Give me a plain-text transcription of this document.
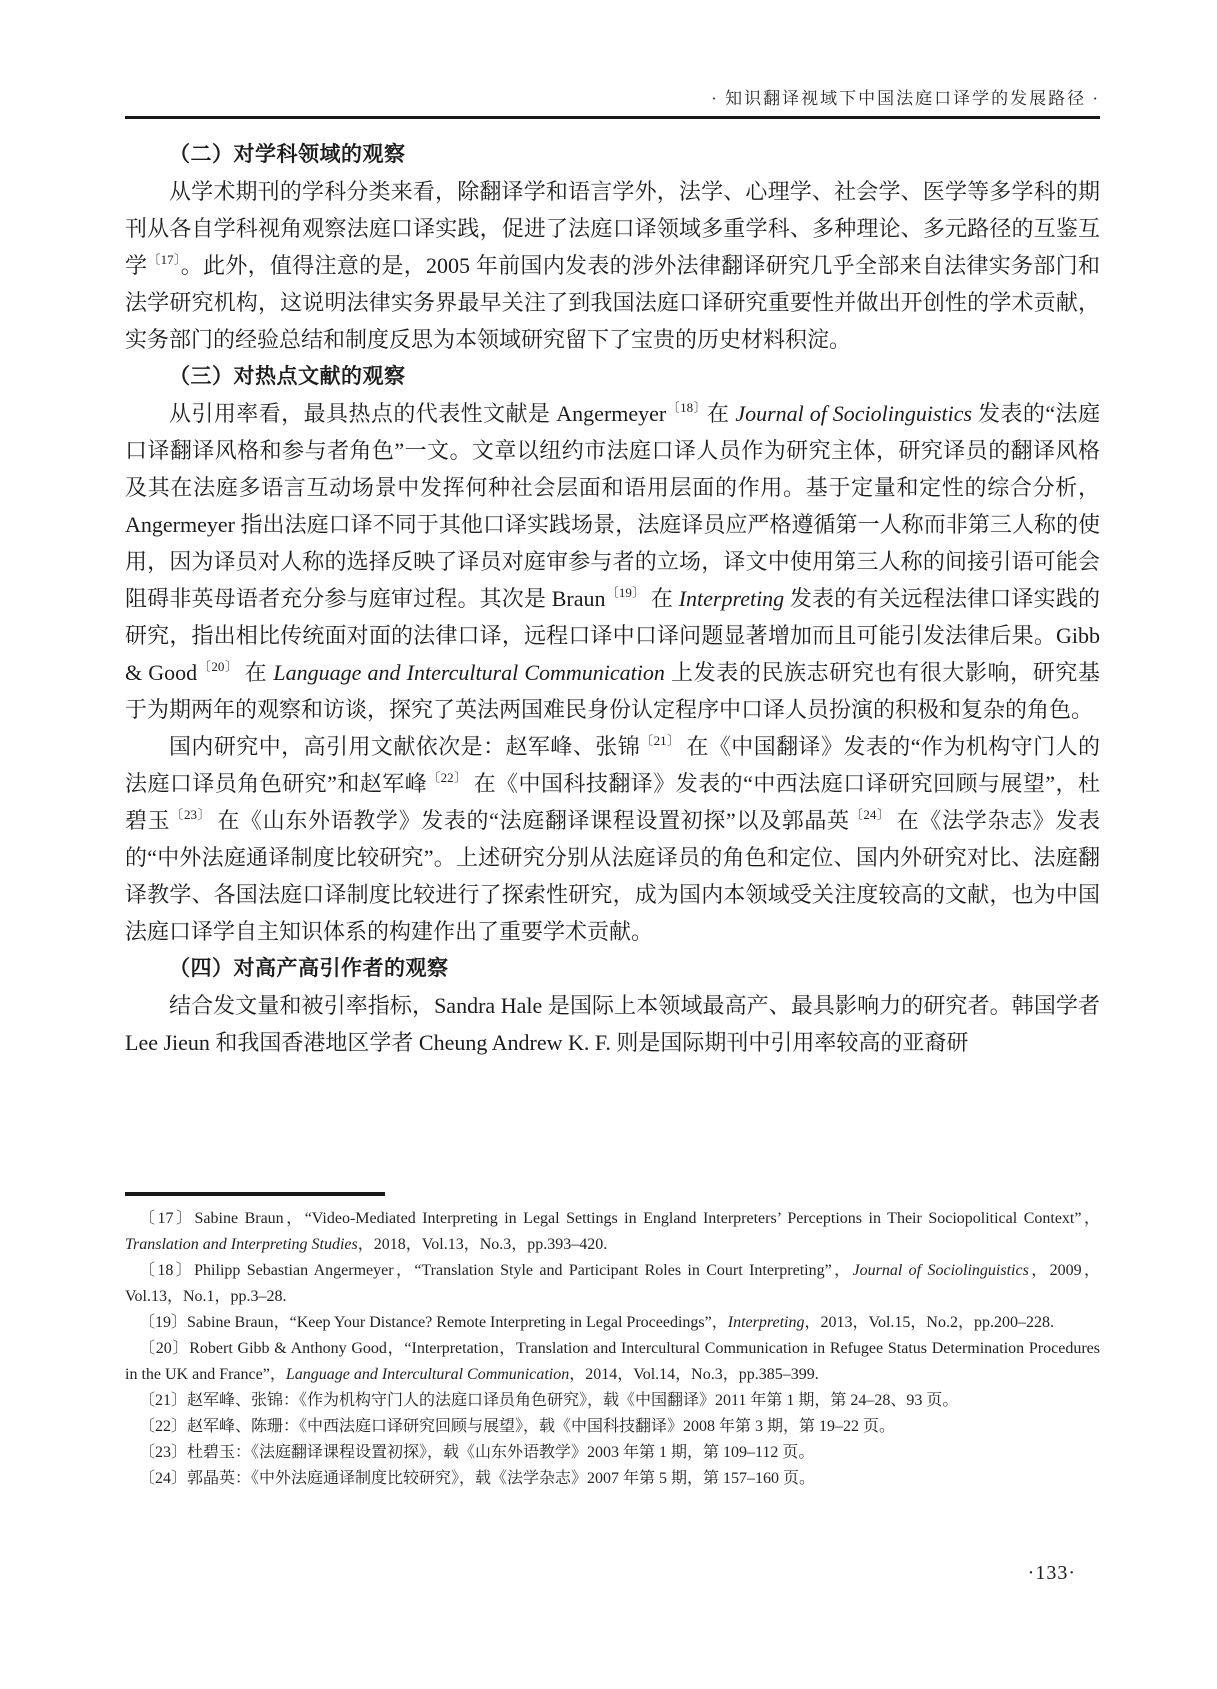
· 知识翻译视域下中国法庭口译学的发展路径 ·

（二）对学科领域的观察

从学术期刊的学科分类来看，除翻译学和语言学外，法学、心理学、社会学、医学等多学科的期刊从各自学科视角观察法庭口译实践，促进了法庭口译领域多重学科、多种理论、多元路径的互鉴互学$^{〔17〕}$。此外，值得注意的是，2005 年前国内发表的涉外法律翻译研究几乎全部来自法律实务部门和法学研究机构，这说明法律实务界最早关注了到我国法庭口译研究重要性并做出开创性的学术贡献，实务部门的经验总结和制度反思为本领域研究留下了宝贵的历史材料积淀。

（三）对热点文献的观察

从引用率看，最具热点的代表性文献是 Angermeyer$^{〔18〕}$在 Journal of Sociolinguistics 发表的“法庭口译翻译风格和参与者角色”一文。文章以纽约市法庭口译人员作为研究主体，研究译员的翻译风格及其在法庭多语言互动场景中发挥何种社会层面和语用层面的作用。基于定量和定性的综合分析，Angermeyer 指出法庭口译不同于其他口译实践场景，法庭译员应严格遵循第一人称而非第三人称的使用，因为译员对人称的选择反映了译员对庭审参与者的立场，译文中使用第三人称的间接引语可能会阻碍非英母语者充分参与庭审过程。其次是 Braun$^{〔19〕}$ 在 Interpreting 发表的有关远程法律口译实践的研究，指出相比传统面对面的法律口译，远程口译中口译问题显著增加而且可能引发法律后果。Gibb & Good$^{〔20〕}$ 在 Language and Intercultural Communication 上发表的民族志研究也有很大影响，研究基于为期两年的观察和访谈，探究了英法两国难民身份认定程序中口译人员扮演的积极和复杂的角色。

国内研究中，高引用文献依次是：赵军峰、张锦$^{〔21〕}$ 在《中国翻译》发表的“作为机构守门人的法庭口译员角色研究”和赵军峰$^{〔22〕}$ 在《中国科技翻译》发表的“中西法庭口译研究回顾与展望”，杜碧玉$^{〔23〕}$ 在《山东外语教学》发表的“法庭翻译课程设置初探”以及郭晶英$^{〔24〕}$ 在《法学杂志》发表的“中外法庭通译制度比较研究”。上述研究分别从法庭译员的角色和定位、国内外研究对比、法庭翻译教学、各国法庭口译制度比较进行了探索性研究，成为国内本领域受关注度较高的文献，也为中国法庭口译学自主知识体系的构建作出了重要学术贡献。

（四）对高产高引作者的观察

结合发文量和被引率指标，Sandra Hale 是国际上本领域最高产、最具影响力的研究者。韩国学者 Lee Jieun 和我国香港地区学者 Cheung Andrew K. F. 则是国际期刊中引用率较高的亚裔研

〔17〕Sabine Braun，“Video-Mediated Interpreting in Legal Settings in England Interpreters’ Perceptions in Their Sociopolitical Context”，Translation and Interpreting Studies，2018，Vol.13，No.3，pp.393–420.

〔18〕Philipp Sebastian Angermeyer，“Translation Style and Participant Roles in Court Interpreting”，Journal of Sociolinguistics，2009，Vol.13，No.1，pp.3–28.

〔19〕Sabine Braun，“Keep Your Distance? Remote Interpreting in Legal Proceedings”，Interpreting，2013，Vol.15，No.2，pp.200–228.

〔20〕Robert Gibb & Anthony Good，“Interpretation，Translation and Intercultural Communication in Refugee Status Determination Procedures in the UK and France”，Language and Intercultural Communication，2014，Vol.14，No.3，pp.385–399.

〔21〕赵军峰、张锦：《作为机构守门人的法庭口译员角色研究》，载《中国翻译》2011 年第 1 期，第 24–28、93 页。

〔22〕赵军峰、陈珊：《中西法庭口译研究回顾与展望》，载《中国科技翻译》2008 年第 3 期，第 19–22 页。

〔23〕杜碧玉：《法庭翻译课程设置初探》，载《山东外语教学》2003 年第 1 期，第 109–112 页。

〔24〕郭晶英：《中外法庭通译制度比较研究》，载《法学杂志》2007 年第 5 期，第 157–160 页。

·133·
